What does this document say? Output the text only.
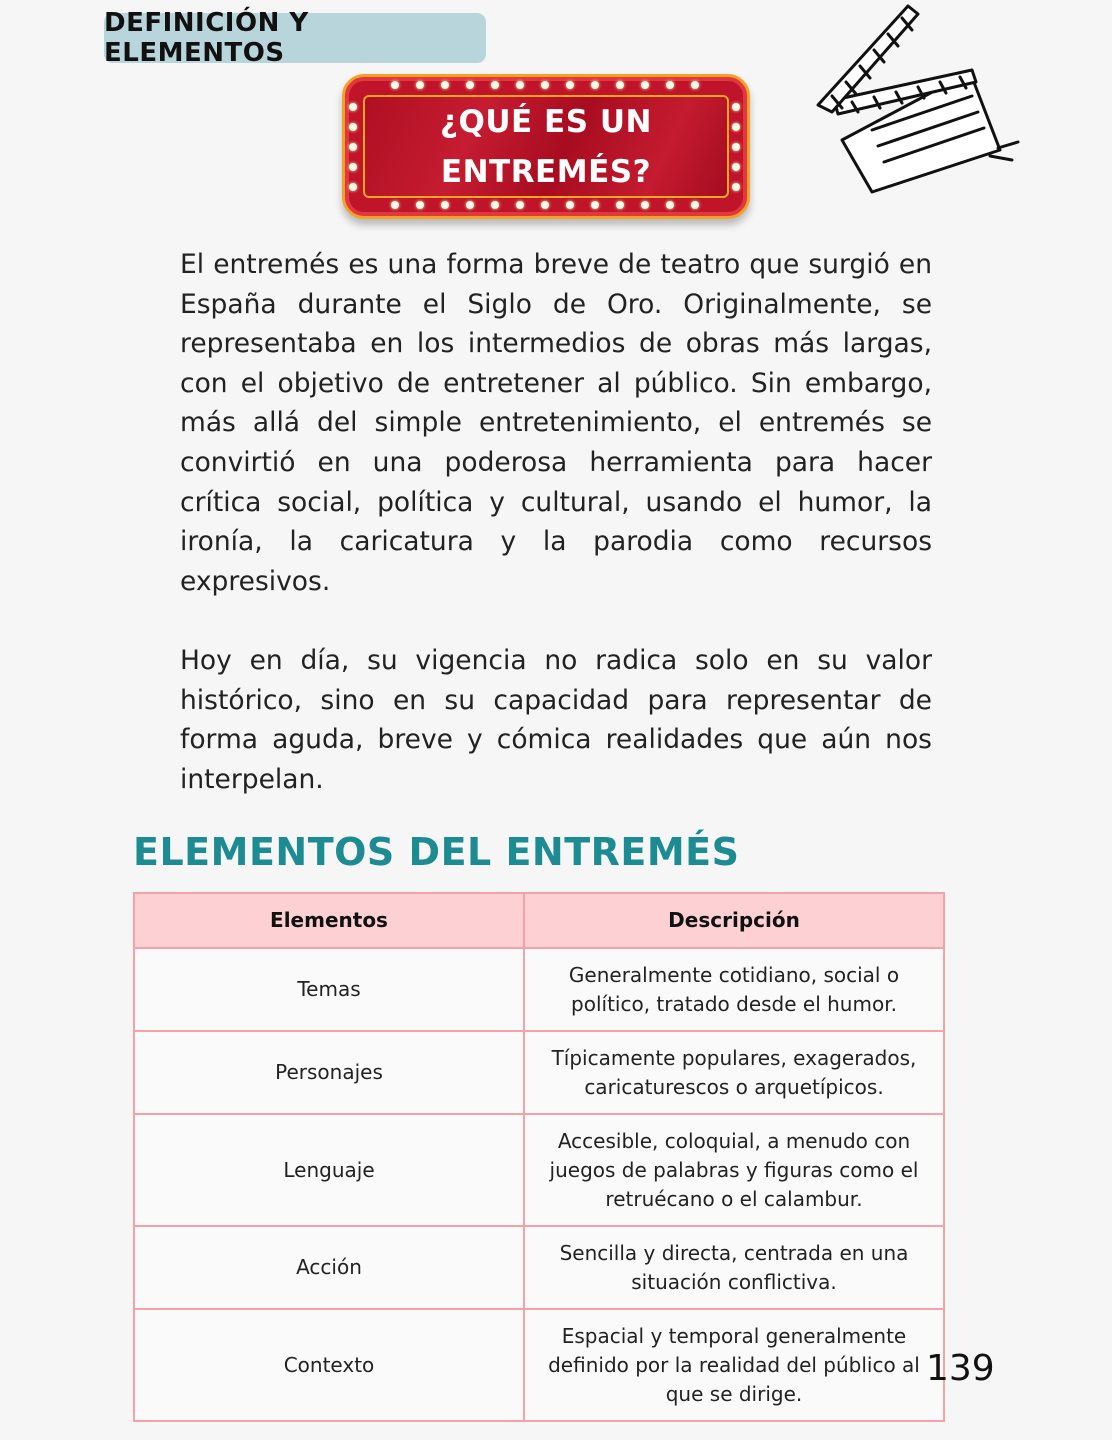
DEFINICIÓN Y ELEMENTOS
¿QUÉ ES UN ENTREMÉS?

El entremés es una forma breve de teatro que surgió en España durante el Siglo de Oro. Originalmente, se representaba en los intermedios de obras más largas, con el objetivo de entretener al público. Sin embargo, más allá del simple entretenimiento, el entremés se convirtió en una poderosa herramienta para hacer crítica social, política y cultural, usando el humor, la ironía, la caricatura y la parodia como recursos expresivos.

Hoy en día, su vigencia no radica solo en su valor histórico, sino en su capacidad para representar de forma aguda, breve y cómica realidades que aún nos interpelan.

ELEMENTOS DEL ENTREMÉS
Elementos	Descripción
Temas	Generalmente cotidiano, social o político, tratado desde el humor.
Personajes	Típicamente populares, exagerados, caricaturescos o arquetípicos.
Lenguaje	Accesible, coloquial, a menudo con juegos de palabras y figuras como el retruécano o el calambur.
Acción	Sencilla y directa, centrada en una situación conflictiva.
Contexto	Espacial y temporal generalmente definido por la realidad del público al que se dirige.
139
